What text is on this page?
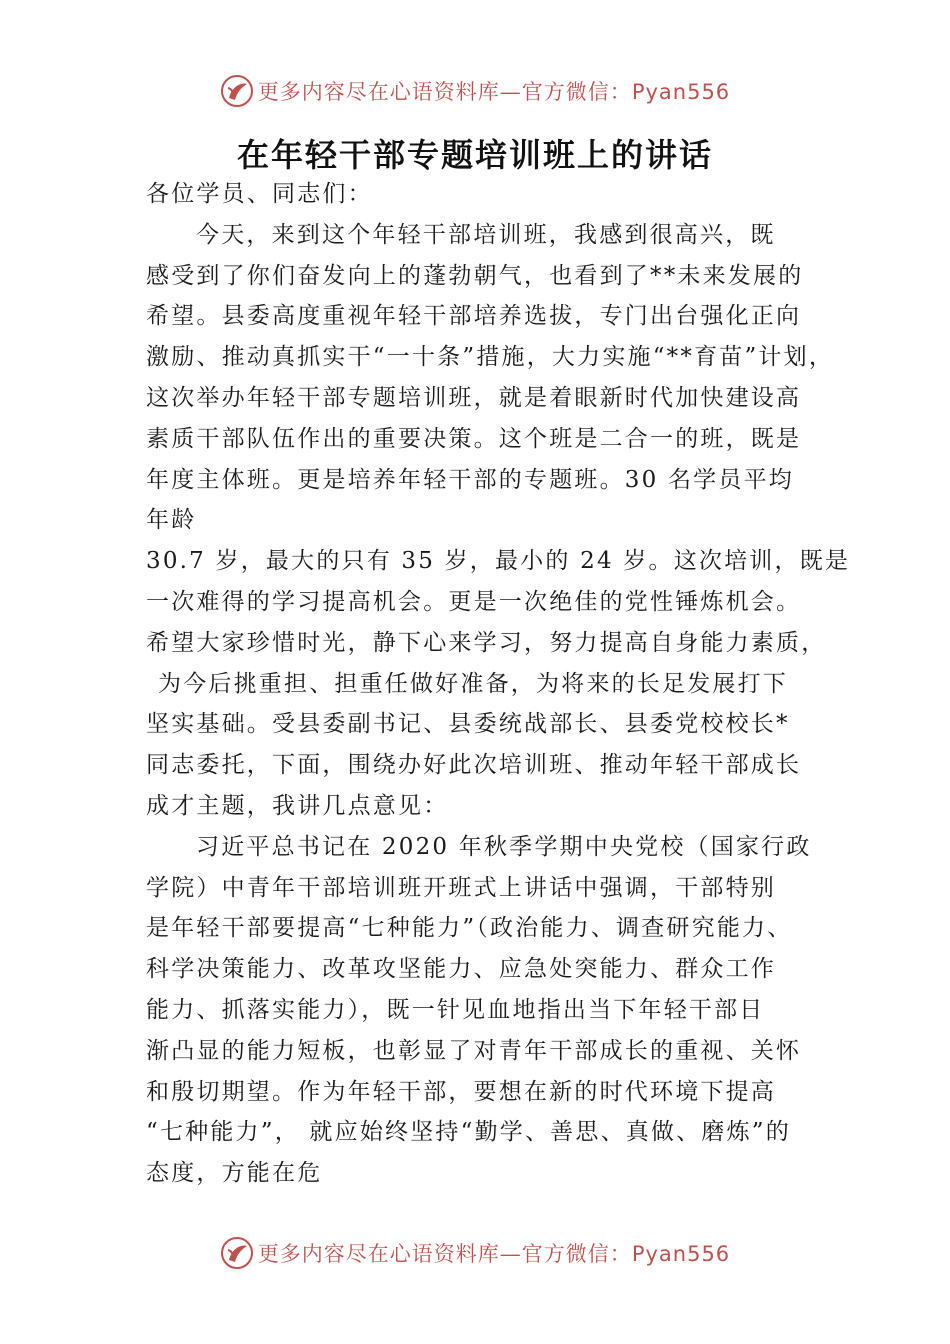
更多内容尽在心语资料库—官方微信：Pyan556
在年轻干部专题培训班上的讲话
各位学员、同志们：
今天，来到这个年轻干部培训班，我感到很高兴，既
感受到了你们奋发向上的蓬勃朝气，也看到了**未来发展的
希望。县委高度重视年轻干部培养选拔，专门出台强化正向
激励、推动真抓实干“一十条”措施，大力实施“**育苗”计划，
这次举办年轻干部专题培训班，就是着眼新时代加快建设高
素质干部队伍作出的重要决策。这个班是二合一的班，既是
年度主体班。更是培养年轻干部的专题班。30 名学员平均
年龄
30.7 岁，最大的只有 35 岁，最小的 24 岁。这次培训，既是
一次难得的学习提高机会。更是一次绝佳的党性锤炼机会。
希望大家珍惜时光，静下心来学习，努力提高自身能力素质，
为今后挑重担、担重任做好准备，为将来的长足发展打下
坚实基础。受县委副书记、县委统战部长、县委党校校长*
同志委托，下面，围绕办好此次培训班、推动年轻干部成长
成才主题，我讲几点意见：
习近平总书记在 2020 年秋季学期中央党校（国家行政
学院）中青年干部培训班开班式上讲话中强调，干部特别
是年轻干部要提高“七种能力”（政治能力、调查研究能力、
科学决策能力、改革攻坚能力、应急处突能力、群众工作
能力、抓落实能力），既一针见血地指出当下年轻干部日
渐凸显的能力短板，也彰显了对青年干部成长的重视、关怀
和殷切期望。作为年轻干部，要想在新的时代环境下提高
“七种能力”， 就应始终坚持“勤学、善思、真做、磨炼”的
态度，方能在危
更多内容尽在心语资料库—官方微信：Pyan556
